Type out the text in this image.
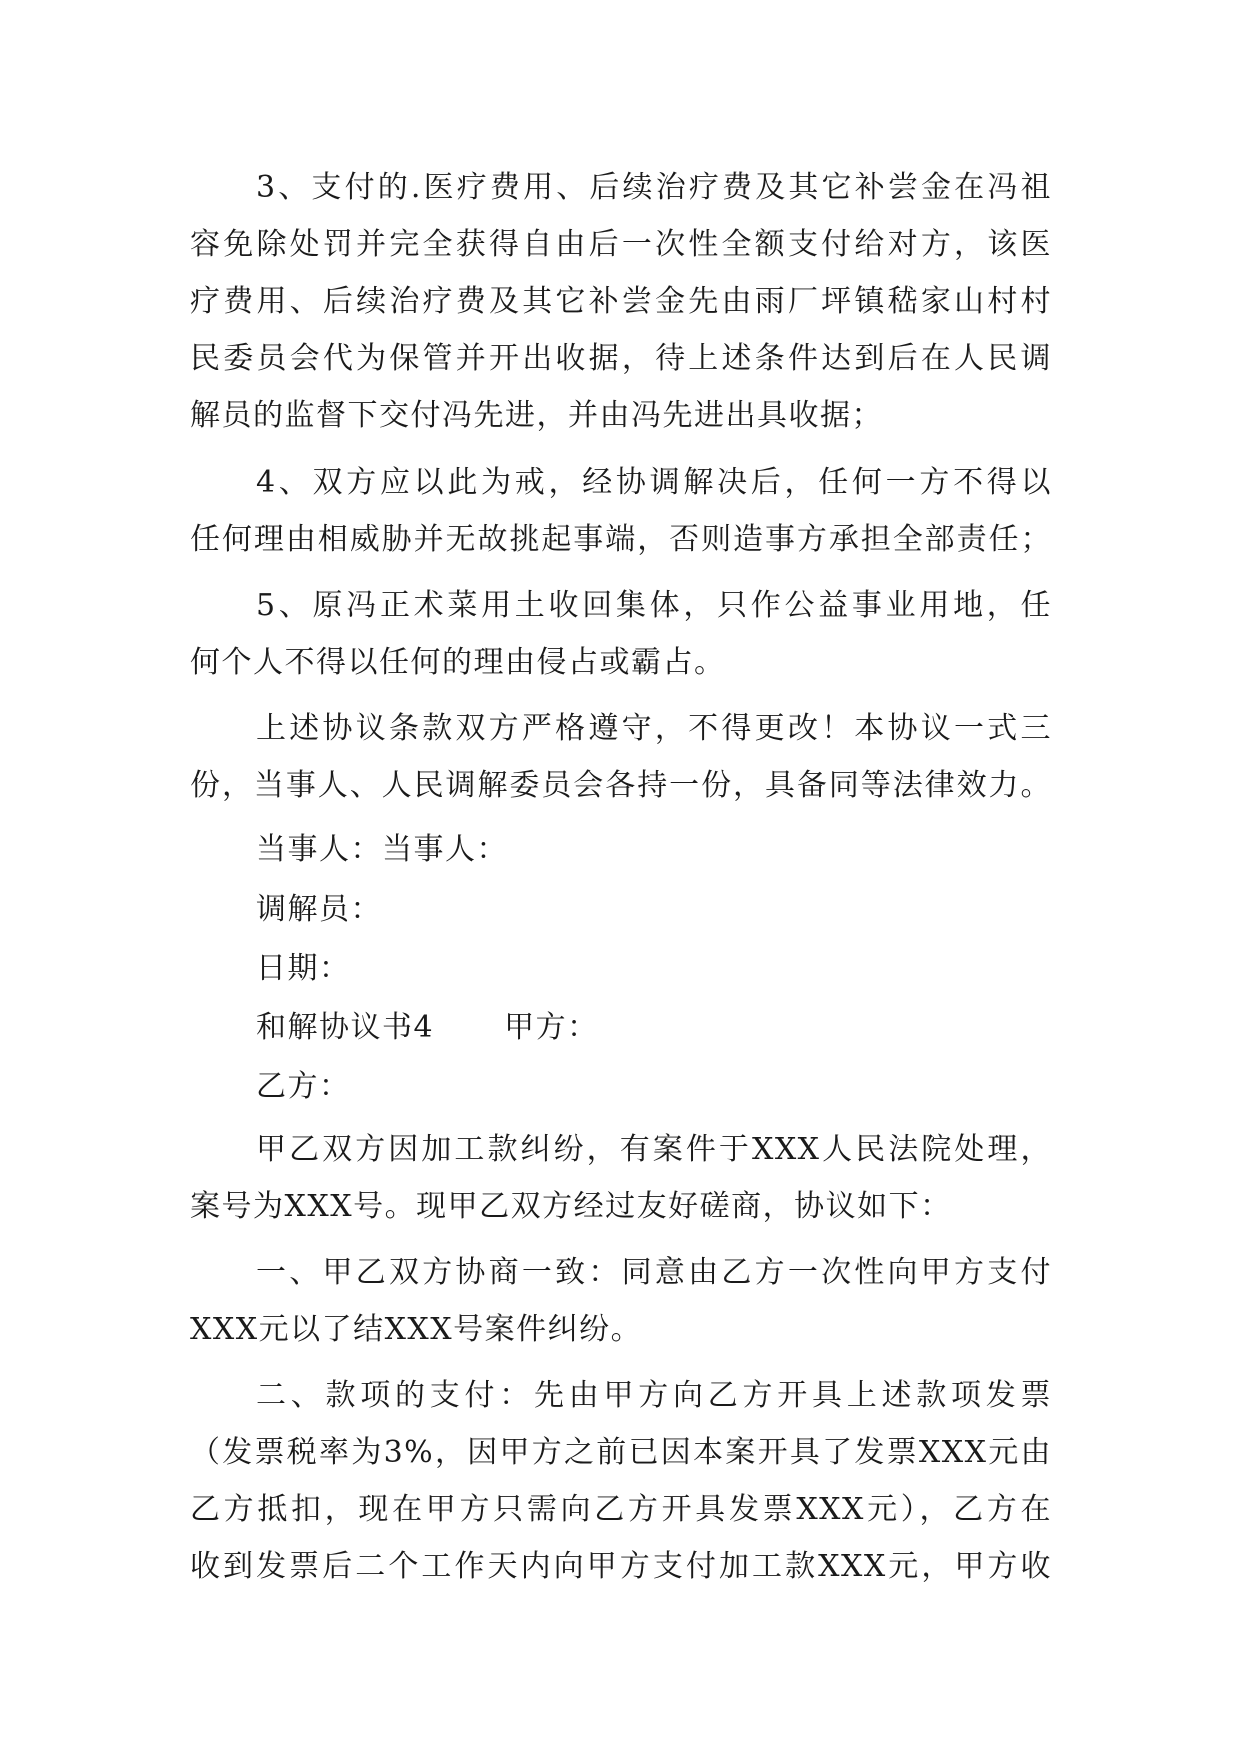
3、支付的.医疗费用、后续治疗费及其它补尝金在冯祖
容免除处罚并完全获得自由后一次性全额支付给对方，该医
疗费用、后续治疗费及其它补尝金先由雨厂坪镇嵇家山村村
民委员会代为保管并开出收据，待上述条件达到后在人民调
解员的监督下交付冯先进，并由冯先进出具收据；
4、双方应以此为戒，经协调解决后，任何一方不得以
任何理由相威胁并无故挑起事端，否则造事方承担全部责任；
5、原冯正术菜用土收回集体，只作公益事业用地，任
何个人不得以任何的理由侵占或霸占。
上述协议条款双方严格遵守，不得更改！本协议一式三
份，当事人、人民调解委员会各持一份，具备同等法律效力。
当事人：当事人：
调解员：
日期：
和解协议书4 甲方：
乙方：
甲乙双方因加工款纠纷，有案件于XXX人民法院处理，
案号为XXX号。现甲乙双方经过友好磋商，协议如下：
一、甲乙双方协商一致：同意由乙方一次性向甲方支付
XXX元以了结XXX号案件纠纷。
二、款项的支付：先由甲方向乙方开具上述款项发票
（发票税率为3%，因甲方之前已因本案开具了发票XXX元由
乙方抵扣，现在甲方只需向乙方开具发票XXX元），乙方在
收到发票后二个工作天内向甲方支付加工款XXX元，甲方收
